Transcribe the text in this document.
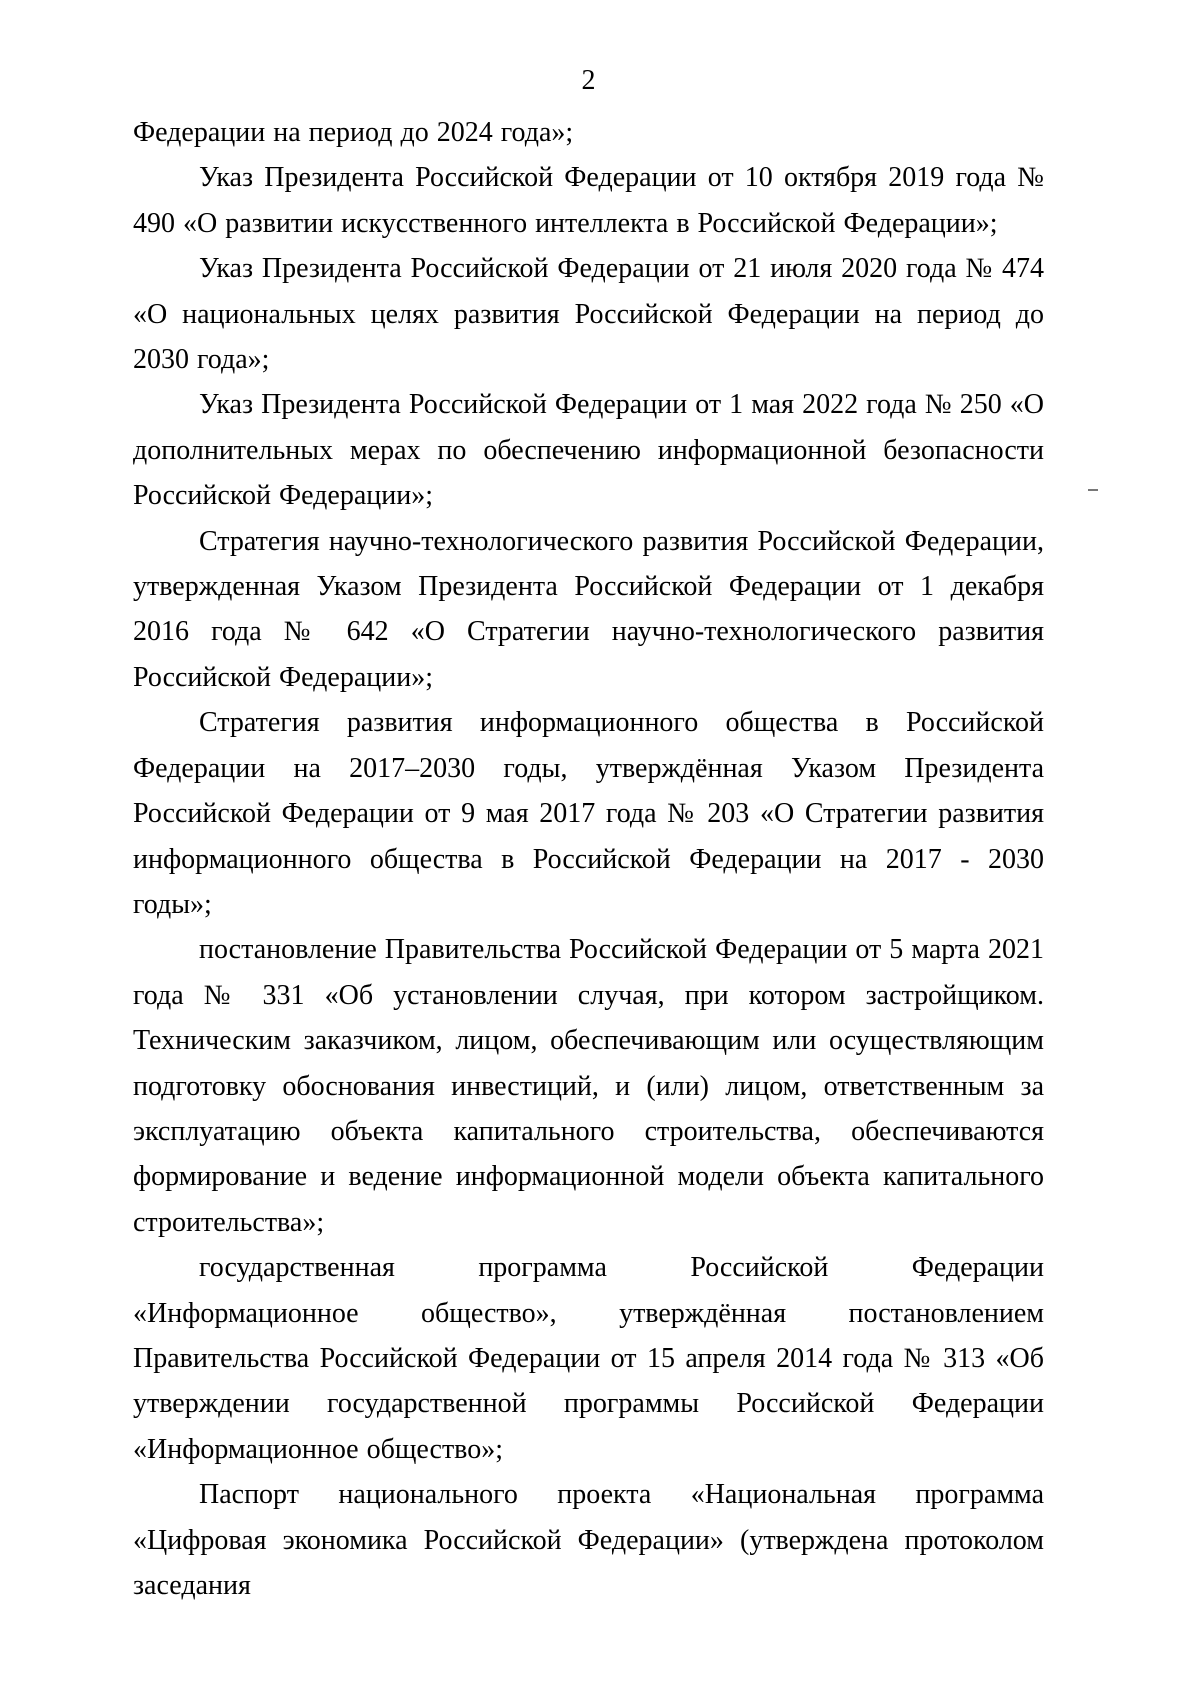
2

Федерации на период до 2024 года»;

Указ Президента Российской Федерации от 10 октября 2019 года № 490 «О развитии искусственного интеллекта в Российской Федерации»;

Указ Президента Российской Федерации от 21 июля 2020 года № 474 «О национальных целях развития Российской Федерации на период до 2030 года»;

Указ Президента Российской Федерации от 1 мая 2022 года № 250 «О дополнительных мерах по обеспечению информационной безопасности Российской Федерации»;

Стратегия научно-технологического развития Российской Федерации, утвержденная Указом Президента Российской Федерации от 1 декабря 2016 года № 642 «О Стратегии научно-технологического развития Российской Федерации»;

Стратегия развития информационного общества в Российской Федерации на 2017–2030 годы, утверждённая Указом Президента Российской Федерации от 9 мая 2017 года № 203 «О Стратегии развития информационного общества в Российской Федерации на 2017 - 2030 годы»;

постановление Правительства Российской Федерации от 5 марта 2021 года № 331 «Об установлении случая, при котором застройщиком. Техническим заказчиком, лицом, обеспечивающим или осуществляющим подготовку обоснования инвестиций, и (или) лицом, ответственным за эксплуатацию объекта капитального строительства, обеспечиваются формирование и ведение информационной модели объекта капитального строительства»;

государственная программа Российской Федерации «Информационное общество», утверждённая постановлением Правительства Российской Федерации от 15 апреля 2014 года № 313 «Об утверждении государственной программы Российской Федерации «Информационное общество»;

Паспорт национального проекта «Национальная программа «Цифровая экономика Российской Федерации» (утверждена протоколом заседания
